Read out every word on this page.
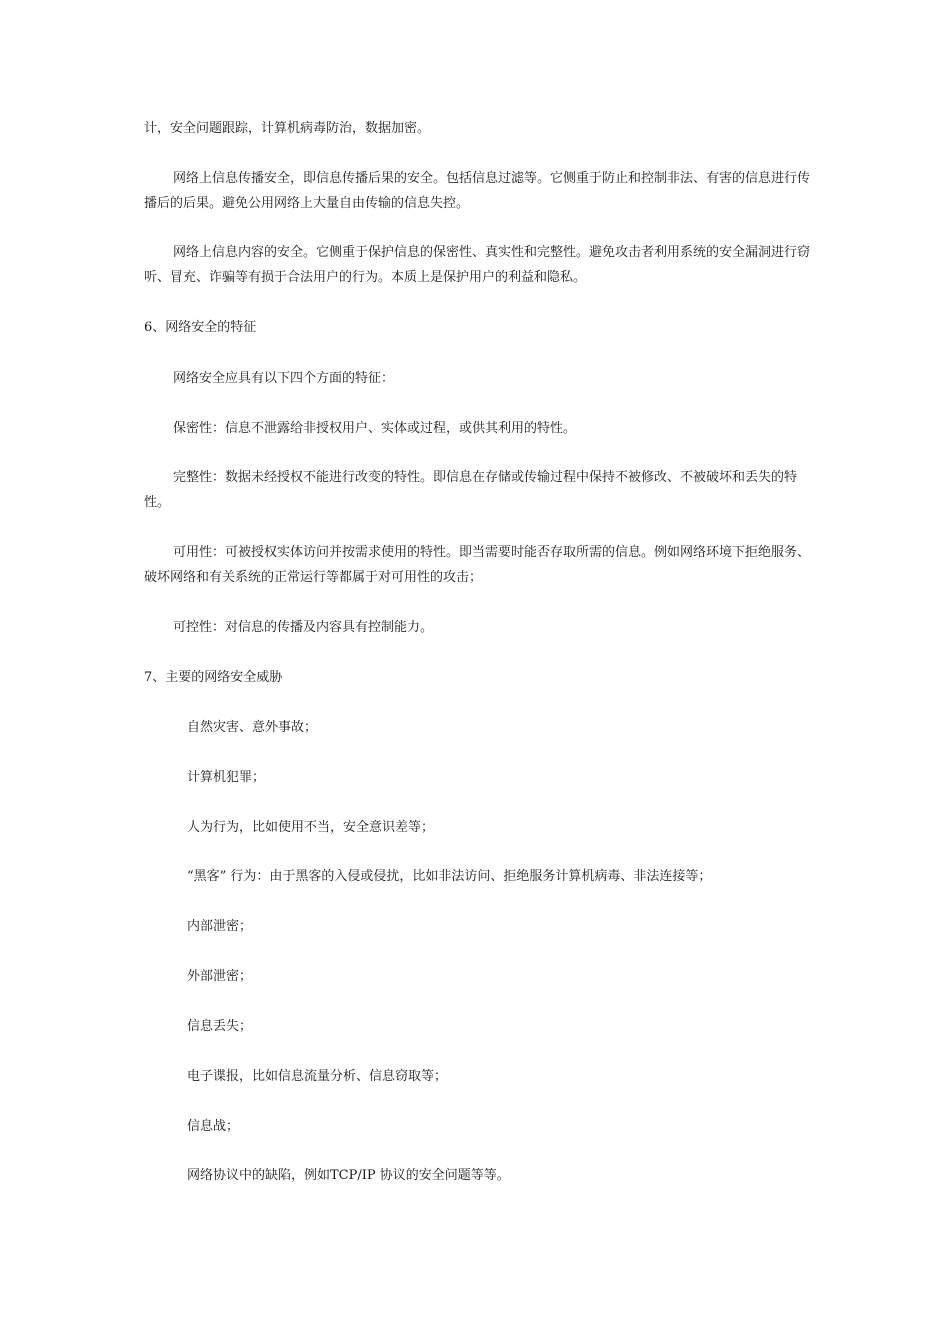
计，安全问题跟踪，计算机病毒防治，数据加密。

网络上信息传播安全，即信息传播后果的安全。包括信息过滤等。它侧重于防止和控制非法、有害的信息进行传播后的后果。避免公用网络上大量自由传输的信息失控。

网络上信息内容的安全。它侧重于保护信息的保密性、真实性和完整性。避免攻击者利用系统的安全漏洞进行窃听、冒充、诈骗等有损于合法用户的行为。本质上是保护用户的利益和隐私。

6、网络安全的特征

网络安全应具有以下四个方面的特征：

保密性：信息不泄露给非授权用户、实体或过程，或供其利用的特性。

完整性：数据未经授权不能进行改变的特性。即信息在存储或传输过程中保持不被修改、不被破坏和丢失的特性。

可用性：可被授权实体访问并按需求使用的特性。即当需要时能否存取所需的信息。例如网络环境下拒绝服务、破坏网络和有关系统的正常运行等都属于对可用性的攻击；

可控性：对信息的传播及内容具有控制能力。

7、主要的网络安全威胁

自然灾害、意外事故；

计算机犯罪；

人为行为，比如使用不当，安全意识差等；

“黑客” 行为：由于黑客的入侵或侵扰，比如非法访问、拒绝服务计算机病毒、非法连接等；

内部泄密；

外部泄密；

信息丢失；

电子谍报，比如信息流量分析、信息窃取等；

信息战；

网络协议中的缺陷，例如TCP/IP 协议的安全问题等等。
